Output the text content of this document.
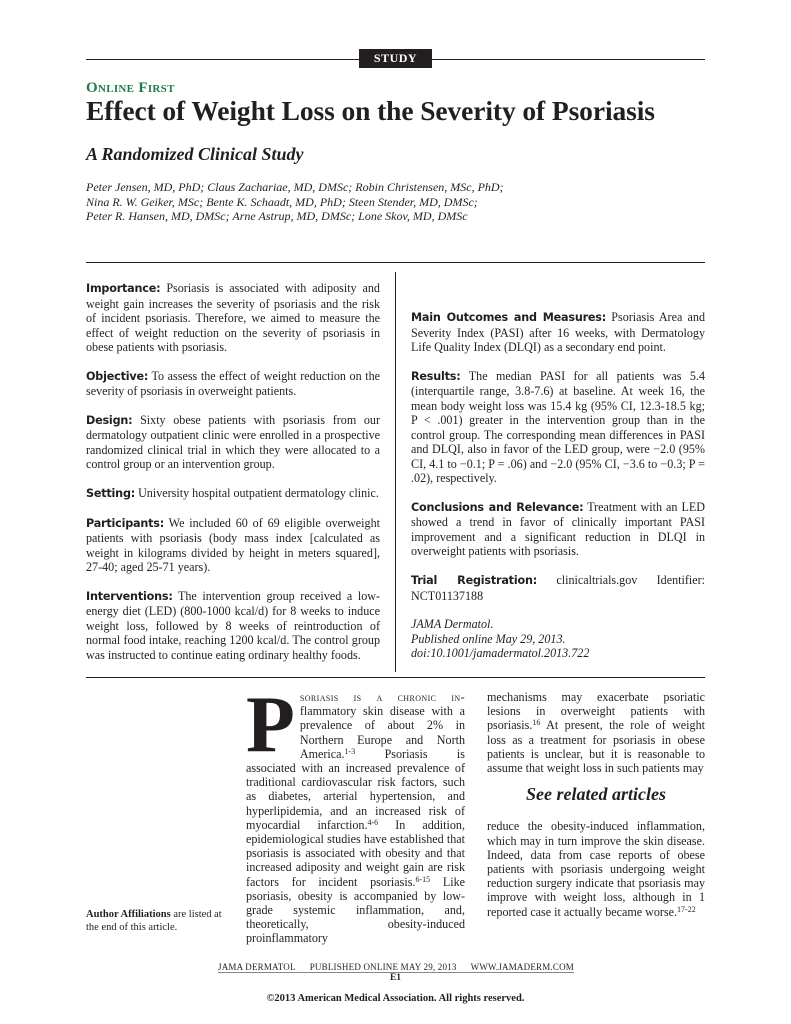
STUDY
Online First
Effect of Weight Loss on the Severity of Psoriasis
A Randomized Clinical Study
Peter Jensen, MD, PhD; Claus Zachariae, MD, DMSc; Robin Christensen, MSc, PhD;
Nina R. W. Geiker, MSc; Bente K. Schaadt, MD, PhD; Steen Stender, MD, DMSc;
Peter R. Hansen, MD, DMSc; Arne Astrup, MD, DMSc; Lone Skov, MD, DMSc

Importance: Psoriasis is associated with adiposity and weight gain increases the severity of psoriasis and the risk of incident psoriasis. Therefore, we aimed to measure the effect of weight reduction on the severity of psoriasis in obese patients with psoriasis.

Objective: To assess the effect of weight reduction on the severity of psoriasis in overweight patients.

Design: Sixty obese patients with psoriasis from our dermatology outpatient clinic were enrolled in a prospective randomized clinical trial in which they were allocated to a control group or an intervention group.

Setting: University hospital outpatient dermatology clinic.

Participants: We included 60 of 69 eligible overweight patients with psoriasis (body mass index [calculated as weight in kilograms divided by height in meters squared], 27-40; aged 25-71 years).

Interventions: The intervention group received a low-energy diet (LED) (800-1000 kcal/d) for 8 weeks to induce weight loss, followed by 8 weeks of reintroduction of normal food intake, reaching 1200 kcal/d. The control group was instructed to continue eating ordinary healthy foods.

Main Outcomes and Measures: Psoriasis Area and Severity Index (PASI) after 16 weeks, with Dermatology Life Quality Index (DLQI) as a secondary end point.

Results: The median PASI for all patients was 5.4 (interquartile range, 3.8-7.6) at baseline. At week 16, the mean body weight loss was 15.4 kg (95% CI, 12.3-18.5 kg; P < .001) greater in the intervention group than in the control group. The corresponding mean differences in PASI and DLQI, also in favor of the LED group, were −2.0 (95% CI, 4.1 to −0.1; P = .06) and −2.0 (95% CI, −3.6 to −0.3; P = .02), respectively.

Conclusions and Relevance: Treatment with an LED showed a trend in favor of clinically important PASI improvement and a significant reduction in DLQI in overweight patients with psoriasis.

Trial Registration: clinicaltrials.gov Identifier: NCT01137188

JAMA Dermatol.
Published online May 29, 2013.
doi:10.1001/jamadermatol.2013.722

Psoriasis is a chronic in-flammatory skin disease with a prevalence of about 2% in Northern Europe and North America.$^{1-3}$ Psoriasis is associated with an increased prevalence of traditional cardiovascular risk factors, such as diabetes, arterial hypertension, and hyperlipidemia, and an increased risk of myocardial infarction.$^{4-6}$ In addition, epidemiological studies have established that psoriasis is associated with obesity and that increased adiposity and weight gain are risk factors for incident psoriasis.$^{6-15}$ Like psoriasis, obesity is accompanied by low-grade systemic inflammation, and, theoretically, obesity-induced proinflammatory

mechanisms may exacerbate psoriatic lesions in overweight patients with psoriasis.$^{16}$ At present, the role of weight loss as a treatment for psoriasis in obese patients is unclear, but it is reasonable to assume that weight loss in such patients may

See related articles

reduce the obesity-induced inflammation, which may in turn improve the skin disease. Indeed, data from case reports of obese patients with psoriasis undergoing weight reduction surgery indicate that psoriasis may improve with weight loss, although in 1 reported case it actually became worse.$^{17-22}$

Author Affiliations are listed at the end of this article.
JAMA DERMATOL PUBLISHED ONLINE MAY 29, 2013 WWW.JAMADERM.COM
E1
©2013 American Medical Association. All rights reserved.
